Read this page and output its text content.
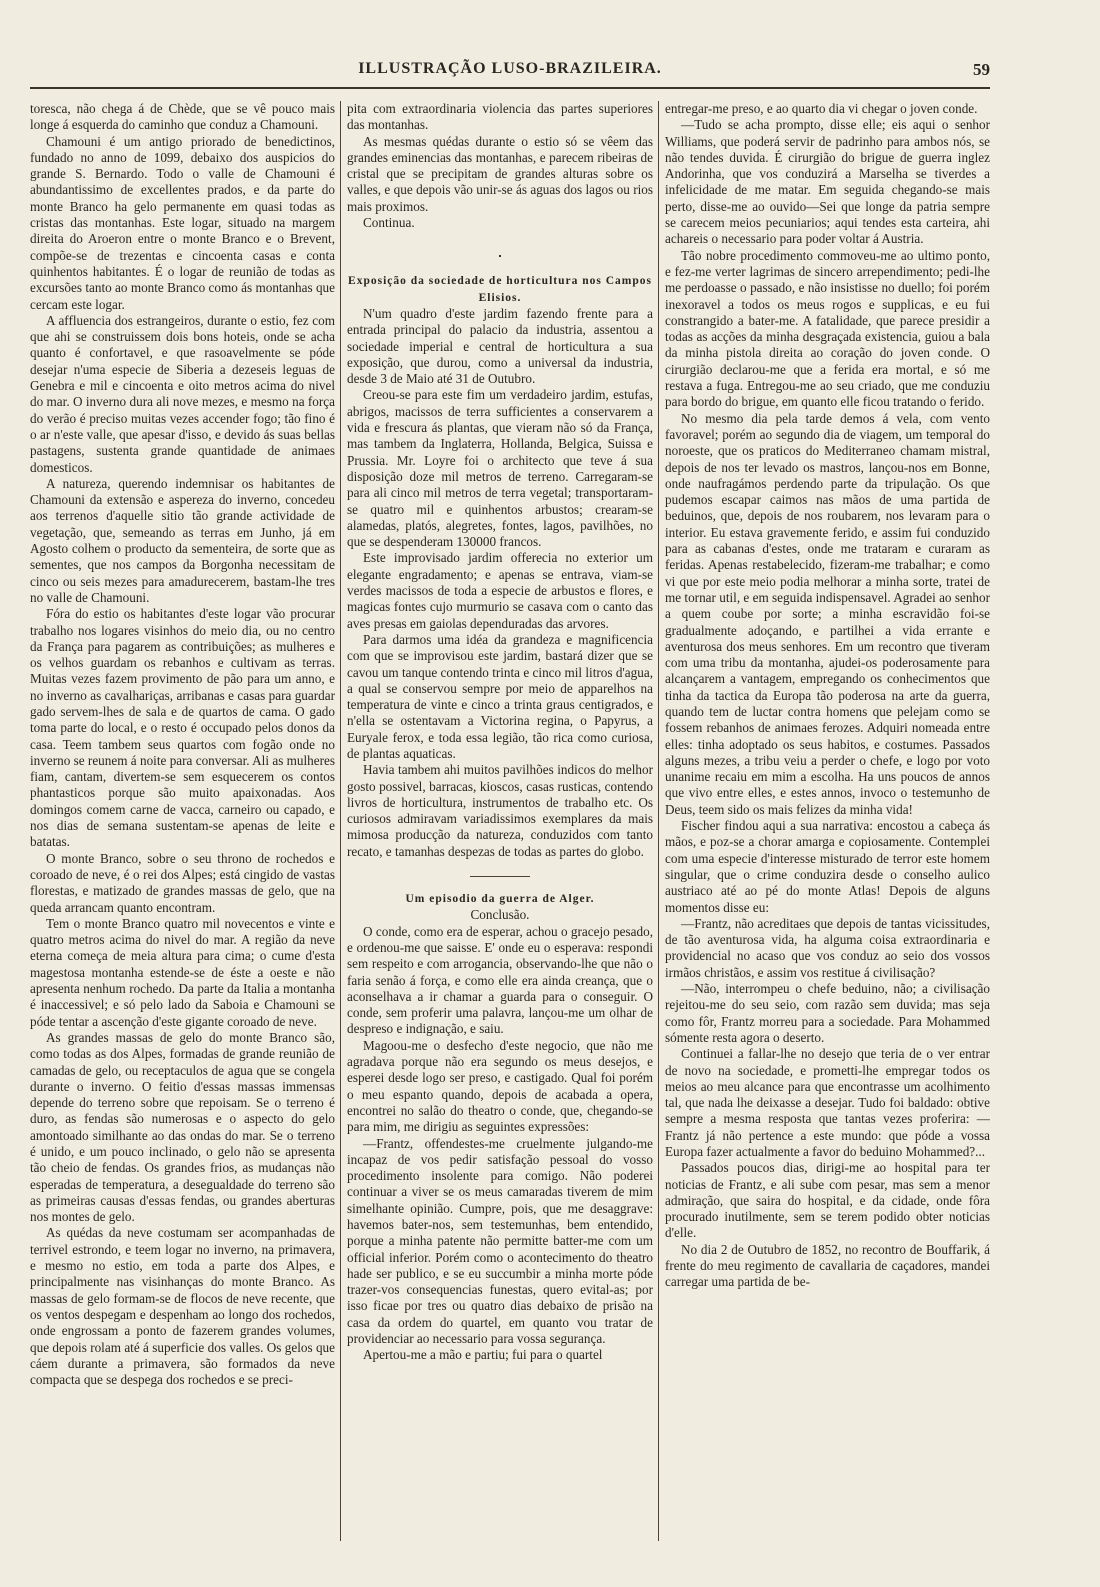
ILLUSTRAÇÃO LUSO-BRAZILEIRA.	59

toresca, não chega á de Chède, que se vê pouco mais longe á esquerda do caminho que conduz a Chamouni.

Chamouni é um antigo priorado de benedictinos, fundado no anno de 1099, debaixo dos auspicios do grande S. Bernardo. Todo o valle de Chamouni é abundantissimo de excellentes prados, e da parte do monte Branco ha gelo permanente em quasi todas as cristas das montanhas. Este logar, situado na margem direita do Aroeron entre o monte Branco e o Brevent, compõe-se de trezentas e cincoenta casas e conta quinhentos habitantes. É o logar de reunião de todas as excursões tanto ao monte Branco como ás montanhas que cercam este logar.

A affluencia dos estrangeiros, durante o estio, fez com que ahi se construissem dois bons hoteis, onde se acha quanto é confortavel, e que rasoavelmente se póde desejar n'uma especie de Siberia a dezeseis leguas de Genebra e mil e cincoenta e oito metros acima do nivel do mar. O inverno dura ali nove mezes, e mesmo na força do verão é preciso muitas vezes accender fogo; tão fino é o ar n'este valle, que apesar d'isso, e devido ás suas bellas pastagens, sustenta grande quantidade de animaes domesticos.

A natureza, querendo indemnisar os habitantes de Chamouni da extensão e aspereza do inverno, concedeu aos terrenos d'aquelle sitio tão grande actividade de vegetação, que, semeando as terras em Junho, já em Agosto colhem o producto da sementeira, de sorte que as sementes, que nos campos da Borgonha necessitam de cinco ou seis mezes para amadurecerem, bastam-lhe tres no valle de Chamouni.

Fóra do estio os habitantes d'este logar vão procurar trabalho nos logares visinhos do meio dia, ou no centro da França para pagarem as contribuições; as mulheres e os velhos guardam os rebanhos e cultivam as terras. Muitas vezes fazem provimento de pão para um anno, e no inverno as cavalhariças, arribanas e casas para guardar gado servem-lhes de sala e de quartos de cama. O gado toma parte do local, e o resto é occupado pelos donos da casa. Teem tambem seus quartos com fogão onde no inverno se reunem á noite para conversar. Ali as mulheres fiam, cantam, divertem-se sem esquecerem os contos phantasticos porque são muito apaixonadas. Aos domingos comem carne de vacca, carneiro ou capado, e nos dias de semana sustentam-se apenas de leite e batatas.

O monte Branco, sobre o seu throno de rochedos e coroado de neve, é o rei dos Alpes; está cingido de vastas florestas, e matizado de grandes massas de gelo, que na queda arrancam quanto encontram.

Tem o monte Branco quatro mil novecentos e vinte e quatro metros acima do nivel do mar. A região da neve eterna começa de meia altura para cima; o cume d'esta magestosa montanha estende-se de éste a oeste e não apresenta nenhum rochedo. Da parte da Italia a montanha é inaccessivel; e só pelo lado da Saboia e Chamouni se póde tentar a ascenção d'este gigante coroado de neve.

As grandes massas de gelo do monte Branco são, como todas as dos Alpes, formadas de grande reunião de camadas de gelo, ou receptaculos de agua que se congela durante o inverno. O feitio d'essas massas immensas depende do terreno sobre que repoisam. Se o terreno é duro, as fendas são numerosas e o aspecto do gelo amontoado similhante ao das ondas do mar. Se o terreno é unido, e um pouco inclinado, o gelo não se apresenta tão cheio de fendas. Os grandes frios, as mudanças não esperadas de temperatura, a desegualdade do terreno são as primeiras causas d'essas fendas, ou grandes aberturas nos montes de gelo.

As quédas da neve costumam ser acompanhadas de terrivel estrondo, e teem logar no inverno, na primavera, e mesmo no estio, em toda a parte dos Alpes, e principalmente nas visinhanças do monte Branco. As massas de gelo formam-se de flocos de neve recente, que os ventos despegam e despenham ao longo dos rochedos, onde engrossam a ponto de fazerem grandes volumes, que depois rolam até á superficie dos valles. Os gelos que cáem durante a primavera, são formados da neve compacta que se despega dos rochedos e se preci-

pita com extraordinaria violencia das partes superiores das montanhas.

As mesmas quédas durante o estio só se vêem das grandes eminencias das montanhas, e parecem ribeiras de cristal que se precipitam de grandes alturas sobre os valles, e que depois vão unir-se ás aguas dos lagos ou rios mais proximos.

Continua.

Exposição da sociedade de horticultura nos Campos Elisios.

N'um quadro d'este jardim fazendo frente para a entrada principal do palacio da industria, assentou a sociedade imperial e central de horticultura a sua exposição, que durou, como a universal da industria, desde 3 de Maio até 31 de Outubro.

Creou-se para este fim um verdadeiro jardim, estufas, abrigos, macissos de terra sufficientes a conservarem a vida e frescura ás plantas, que vieram não só da França, mas tambem da Inglaterra, Hollanda, Belgica, Suissa e Prussia. Mr. Loyre foi o architecto que teve á sua disposição doze mil metros de terreno. Carregaram-se para ali cinco mil metros de terra vegetal; transportaram-se quatro mil e quinhentos arbustos; crearam-se alamedas, platós, alegretes, fontes, lagos, pavilhões, no que se despenderam 130000 francos.

Este improvisado jardim offerecia no exterior um elegante engradamento; e apenas se entrava, viam-se verdes macissos de toda a especie de arbustos e flores, e magicas fontes cujo murmurio se casava com o canto das aves presas em gaiolas dependuradas das arvores.

Para darmos uma idéa da grandeza e magnificencia com que se improvisou este jardim, bastará dizer que se cavou um tanque contendo trinta e cinco mil litros d'agua, a qual se conservou sempre por meio de apparelhos na temperatura de vinte e cinco a trinta graus centigrados, e n'ella se ostentavam a Victorina regina, o Papyrus, a Euryale ferox, e toda essa legião, tão rica como curiosa, de plantas aquaticas.

Havia tambem ahi muitos pavilhões indicos do melhor gosto possivel, barracas, kioscos, casas rusticas, contendo livros de horticultura, instrumentos de trabalho etc. Os curiosos admiravam variadissimos exemplares da mais mimosa producção da natureza, conduzidos com tanto recato, e tamanhas despezas de todas as partes do globo.

Um episodio da guerra de Alger.

Conclusão.

O conde, como era de esperar, achou o gracejo pesado, e ordenou-me que saisse. E' onde eu o esperava: respondi sem respeito e com arrogancia, observando-lhe que não o faria senão á força, e como elle era ainda creança, que o aconselhava a ir chamar a guarda para o conseguir. O conde, sem proferir uma palavra, lançou-me um olhar de despreso e indignação, e saiu.

Magoou-me o desfecho d'este negocio, que não me agradava porque não era segundo os meus desejos, e esperei desde logo ser preso, e castigado. Qual foi porém o meu espanto quando, depois de acabada a opera, encontrei no salão do theatro o conde, que, chegando-se para mim, me dirigiu as seguintes expressões:

—Frantz, offendestes-me cruelmente julgando-me incapaz de vos pedir satisfação pessoal do vosso procedimento insolente para comigo. Não poderei continuar a viver se os meus camaradas tiverem de mim simelhante opinião. Cumpre, pois, que me desaggrave: havemos bater-nos, sem testemunhas, bem entendido, porque a minha patente não permitte batter-me com um official inferior. Porém como o acontecimento do theatro hade ser publico, e se eu succumbir a minha morte póde trazer-vos consequencias funestas, quero evital-as; por isso ficae por tres ou quatro dias debaixo de prisão na casa da ordem do quartel, em quanto vou tratar de providenciar ao necessario para vossa segurança.

Apertou-me a mão e partiu; fui para o quartel

entregar-me preso, e ao quarto dia vi chegar o joven conde.

—Tudo se acha prompto, disse elle; eis aqui o senhor Williams, que poderá servir de padrinho para ambos nós, se não tendes duvida. É cirurgião do brigue de guerra inglez Andorinha, que vos conduzirá a Marselha se tiverdes a infelicidade de me matar. Em seguida chegando-se mais perto, disse-me ao ouvido—Sei que longe da patria sempre se carecem meios pecuniarios; aqui tendes esta carteira, ahi achareis o necessario para poder voltar á Austria.

Tão nobre procedimento commoveu-me ao ultimo ponto, e fez-me verter lagrimas de sincero arrependimento; pedi-lhe me perdoasse o passado, e não insistisse no duello; foi porém inexoravel a todos os meus rogos e supplicas, e eu fui constrangido a bater-me. A fatalidade, que parece presidir a todas as acções da minha desgraçada existencia, guiou a bala da minha pistola direita ao coração do joven conde. O cirurgião declarou-me que a ferida era mortal, e só me restava a fuga. Entregou-me ao seu criado, que me conduziu para bordo do brigue, em quanto elle ficou tratando o ferido.

No mesmo dia pela tarde demos á vela, com vento favoravel; porém ao segundo dia de viagem, um temporal do noroeste, que os praticos do Mediterraneo chamam mistral, depois de nos ter levado os mastros, lançou-nos em Bonne, onde naufragámos perdendo parte da tripulação. Os que pudemos escapar caimos nas mãos de uma partida de beduinos, que, depois de nos roubarem, nos levaram para o interior. Eu estava gravemente ferido, e assim fui conduzido para as cabanas d'estes, onde me trataram e curaram as feridas. Apenas restabelecido, fizeram-me trabalhar; e como vi que por este meio podia melhorar a minha sorte, tratei de me tornar util, e em seguida indispensavel. Agradei ao senhor a quem coube por sorte; a minha escravidão foi-se gradualmente adoçando, e partilhei a vida errante e aventurosa dos meus senhores. Em um recontro que tiveram com uma tribu da montanha, ajudei-os poderosamente para alcançarem a vantagem, empregando os conhecimentos que tinha da tactica da Europa tão poderosa na arte da guerra, quando tem de luctar contra homens que pelejam como se fossem rebanhos de animaes ferozes. Adquiri nomeada entre elles: tinha adoptado os seus habitos, e costumes. Passados alguns mezes, a tribu veiu a perder o chefe, e logo por voto unanime recaiu em mim a escolha. Ha uns poucos de annos que vivo entre elles, e estes annos, invoco o testemunho de Deus, teem sido os mais felizes da minha vida!

Fischer findou aqui a sua narrativa: encostou a cabeça ás mãos, e poz-se a chorar amarga e copiosamente. Contemplei com uma especie d'interesse misturado de terror este homem singular, que o crime conduzira desde o conselho aulico austriaco até ao pé do monte Atlas! Depois de alguns momentos disse eu:

—Frantz, não acreditaes que depois de tantas vicissitudes, de tão aventurosa vida, ha alguma coisa extraordinaria e providencial no acaso que vos conduz ao seio dos vossos irmãos christãos, e assim vos restitue á civilisação?

—Não, interrompeu o chefe beduino, não; a civilisação rejeitou-me do seu seio, com razão sem duvida; mas seja como fôr, Frantz morreu para a sociedade. Para Mohammed sómente resta agora o deserto.

Continuei a fallar-lhe no desejo que teria de o ver entrar de novo na sociedade, e prometti-lhe empregar todos os meios ao meu alcance para que encontrasse um acolhimento tal, que nada lhe deixasse a desejar. Tudo foi baldado: obtive sempre a mesma resposta que tantas vezes proferira: —Frantz já não pertence a este mundo: que póde a vossa Europa fazer actualmente a favor do beduino Mohammed?...

Passados poucos dias, dirigi-me ao hospital para ter noticias de Frantz, e ali sube com pesar, mas sem a menor admiração, que saira do hospital, e da cidade, onde fôra procurado inutilmente, sem se terem podido obter noticias d'elle.

No dia 2 de Outubro de 1852, no recontro de Bouffarik, á frente do meu regimento de cavallaria de caçadores, mandei carregar uma partida de be-
